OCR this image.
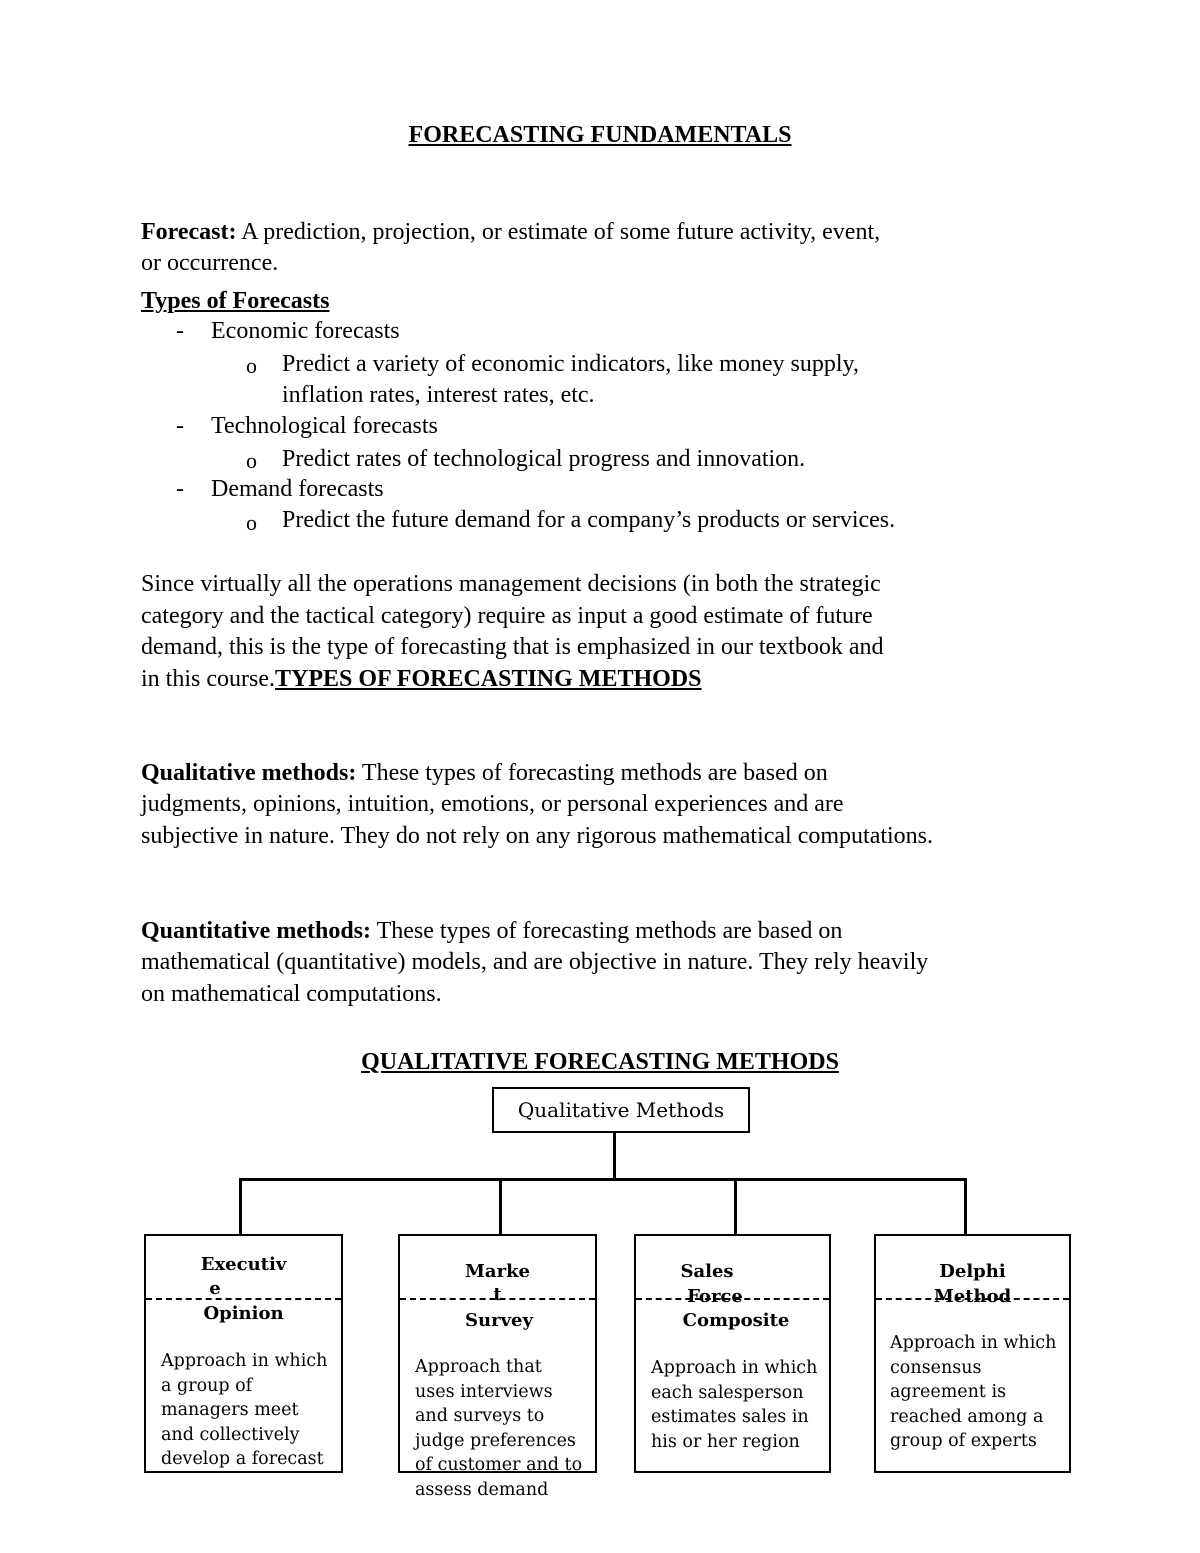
FORECASTING FUNDAMENTALS
Forecast: A prediction, projection, or estimate of some future activity, event,
or occurrence.
Types of Forecasts
- Economic forecasts
o Predict a variety of economic indicators, like money supply,
inflation rates, interest rates, etc.
- Technological forecasts
o Predict rates of technological progress and innovation.
- Demand forecasts
o Predict the future demand for a company’s products or services.
Since virtually all the operations management decisions (in both the strategic
category and the tactical category) require as input a good estimate of future
demand, this is the type of forecasting that is emphasized in our textbook and
in this course.TYPES OF FORECASTING METHODS
Qualitative methods: These types of forecasting methods are based on
judgments, opinions, intuition, emotions, or personal experiences and are
subjective in nature. They do not rely on any rigorous mathematical computations.
Quantitative methods: These types of forecasting methods are based on
mathematical (quantitative) models, and are objective in nature. They rely heavily
on mathematical computations.
QUALITATIVE FORECASTING METHODS
Qualitative Methods
Executiv
e
Opinion
Approach in which a group of managers meet and collectively develop a forecast
Marke
t
Survey
Approach that uses interviews and surveys to judge preferences of customer and to assess demand
Sales
Force
Composite
Approach in which each salesperson estimates sales in his or her region
Delphi
Method
Approach in which consensus agreement is reached among a group of experts
